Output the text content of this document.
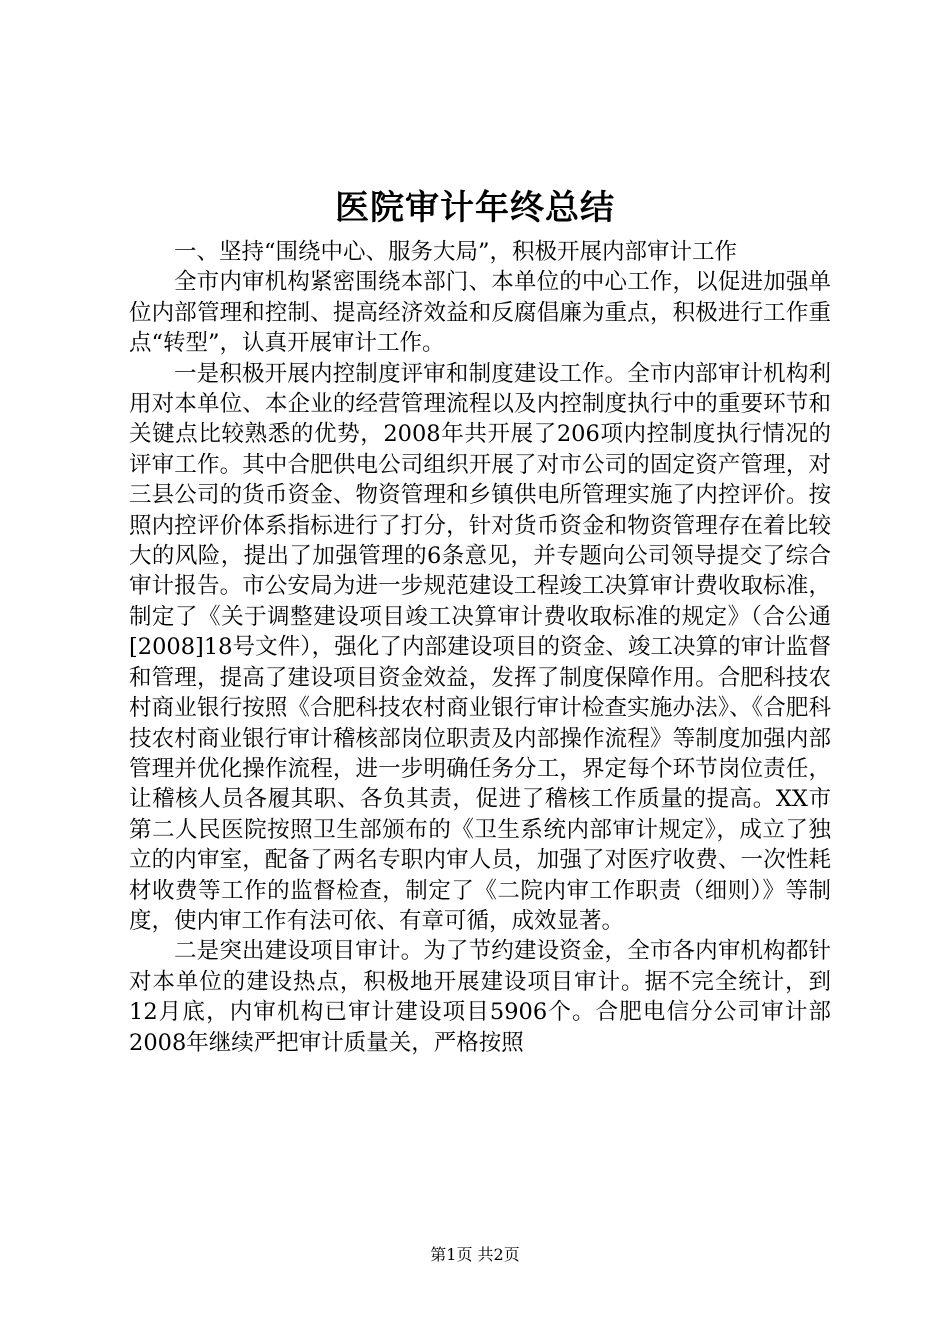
医院审计年终总结

一、坚持“围绕中心、服务大局”，积极开展内部审计工作

全市内审机构紧密围绕本部门、本单位的中心工作，以促进加强单位内部管理和控制、提高经济效益和反腐倡廉为重点，积极进行工作重点“转型”，认真开展审计工作。

一是积极开展内控制度评审和制度建设工作。全市内部审计机构利用对本单位、本企业的经营管理流程以及内控制度执行中的重要环节和关键点比较熟悉的优势，2008年共开展了206项内控制度执行情况的评审工作。其中合肥供电公司组织开展了对市公司的固定资产管理，对三县公司的货币资金、物资管理和乡镇供电所管理实施了内控评价。按照内控评价体系指标进行了打分，针对货币资金和物资管理存在着比较大的风险，提出了加强管理的6条意见，并专题向公司领导提交了综合审计报告。市公安局为进一步规范建设工程竣工决算审计费收取标准，制定了《关于调整建设项目竣工决算审计费收取标准的规定》（合公通[2008]18号文件），强化了内部建设项目的资金、竣工决算的审计监督和管理，提高了建设项目资金效益，发挥了制度保障作用。合肥科技农村商业银行按照《合肥科技农村商业银行审计检查实施办法》、《合肥科技农村商业银行审计稽核部岗位职责及内部操作流程》等制度加强内部管理并优化操作流程，进一步明确任务分工，界定每个环节岗位责任，让稽核人员各履其职、各负其责，促进了稽核工作质量的提高。XX市第二人民医院按照卫生部颁布的《卫生系统内部审计规定》，成立了独立的内审室，配备了两名专职内审人员，加强了对医疗收费、一次性耗材收费等工作的监督检查，制定了《二院内审工作职责（细则）》等制度，使内审工作有法可依、有章可循，成效显著。

二是突出建设项目审计。为了节约建设资金，全市各内审机构都针对本单位的建设热点，积极地开展建设项目审计。据不完全统计，到12月底，内审机构已审计建设项目5906个。合肥电信分公司审计部2008年继续严把审计质量关，严格按照

第1页 共2页
